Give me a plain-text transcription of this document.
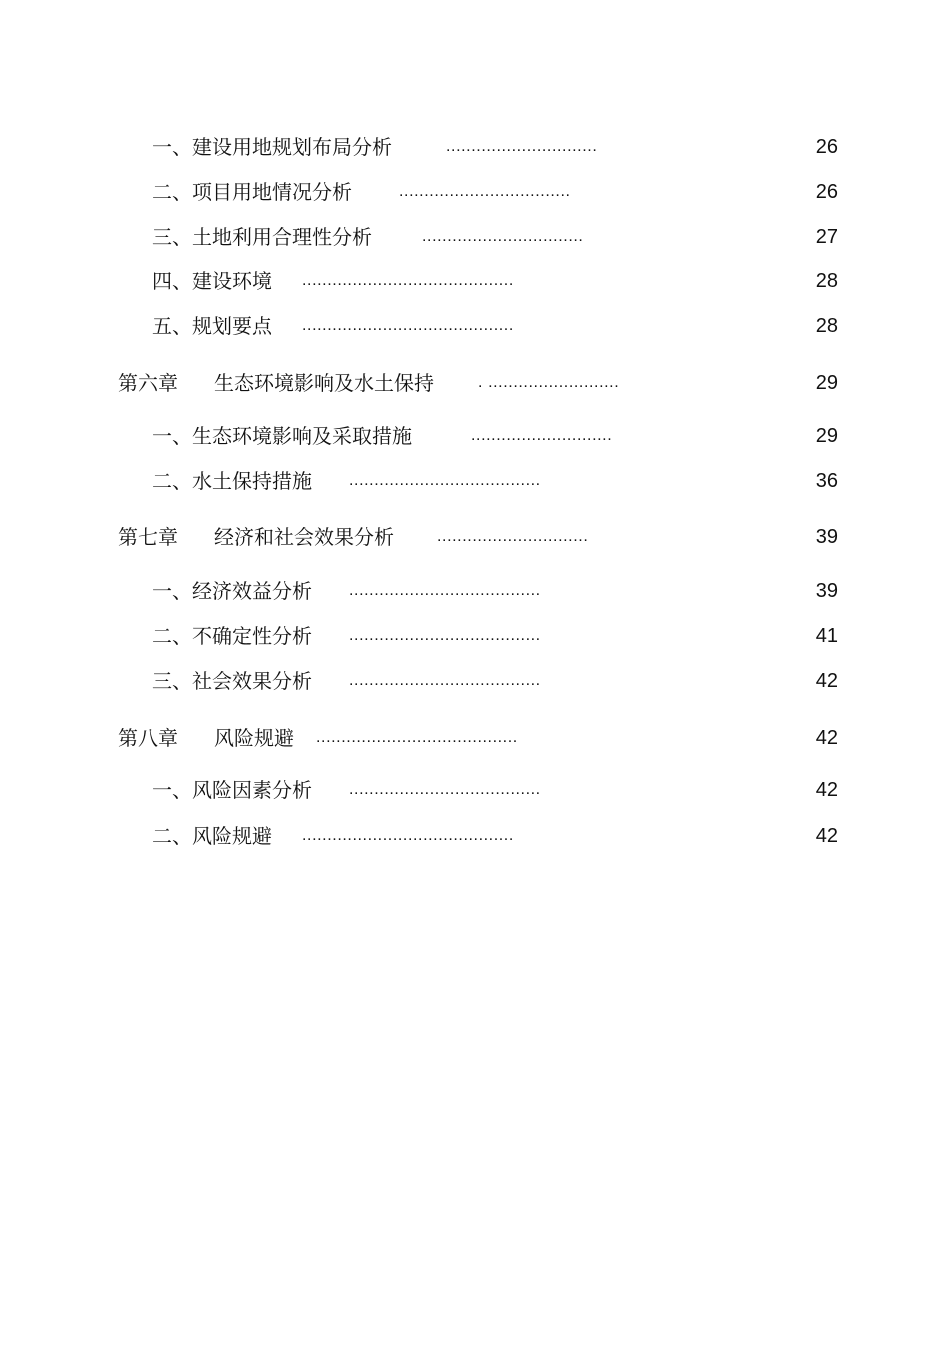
一、建设用地规划布局分析	..............................	26
二、项目用地情况分析	..................................	26
三、土地利用合理性分析	................................	27
四、建设环境 ..........................................	28
五、规划要点 ..........................................	28
第六章 生态环境影响及水土保持	. ..........................	29
一、生态环境影响及采取措施	............................	29
二、水土保持措施 ......................................	36
第七章 经济和社会效果分析	..............................	39
一、经济效益分析 ......................................	39
二、不确定性分析 ......................................	41
三、社会效果分析 ......................................	42
第八章 风险规避 ........................................	42
一、风险因素分析 ......................................	42
二、风险规避 ..........................................	42
